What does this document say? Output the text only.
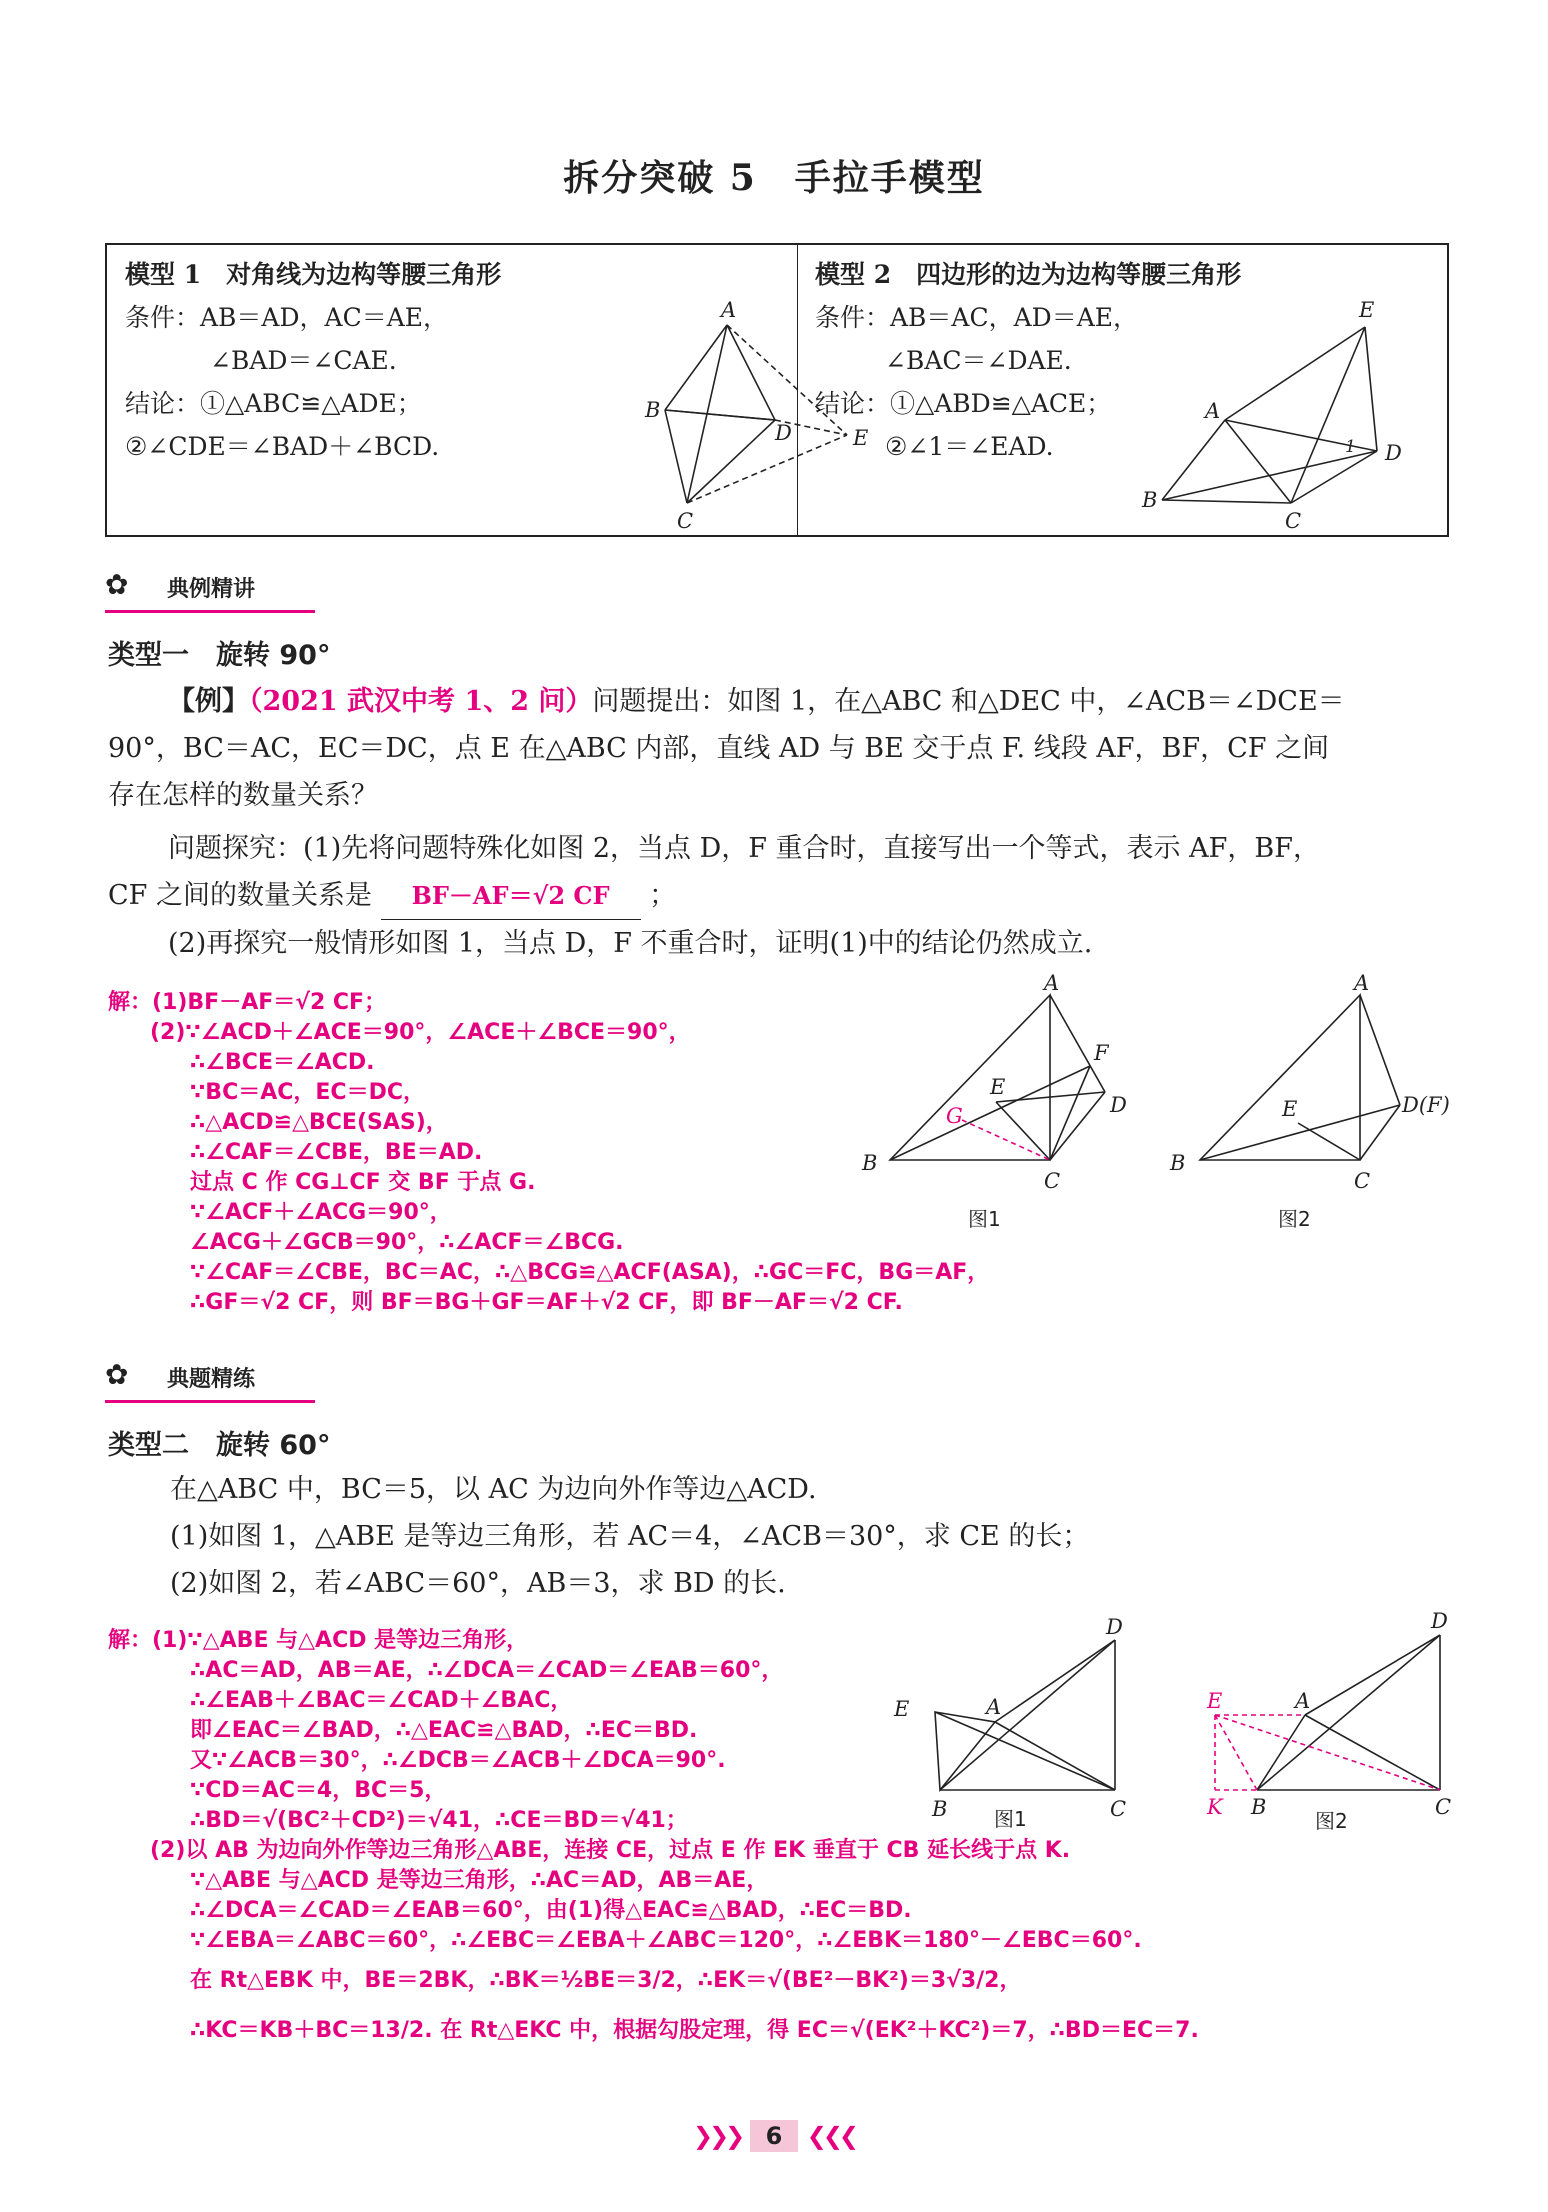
拆分突破 5　手拉手模型
模型 1　对角线为边构等腰三角形
条件：AB＝AD，AC＝AE，
∠BAD＝∠CAE.
结论：①△ABC≌△ADE；
②∠CDE＝∠BAD＋∠BCD.
A
B
D	E
C
模型 2　四边形的边为边构等腰三角形
条件：AB＝AC，AD＝AE，
∠BAC＝∠DAE.
结论：①△ABD≌△ACE；
②∠1＝∠EAD.
E
A
1 D
B
C
✿ 典例精讲
类型一　旋转 90°
【例】（2021 武汉中考 1、2 问）问题提出：如图 1，在△ABC 和△DEC 中，∠ACB＝∠DCE＝
90°，BC＝AC，EC＝DC，点 E 在△ABC 内部，直线 AD 与 BE 交于点 F. 线段 AF，BF，CF 之间
存在怎样的数量关系？
问题探究：(1)先将问题特殊化如图 2，当点 D，F 重合时，直接写出一个等式，表示 AF，BF，
CF 之间的数量关系是 BF－AF＝√2 CF ；
(2)再探究一般情形如图 1，当点 D，F 不重合时，证明(1)中的结论仍然成立.
解：(1)BF－AF＝√2 CF；
(2)∵∠ACD＋∠ACE＝90°，∠ACE＋∠BCE＝90°，
∴∠BCE＝∠ACD.
∵BC＝AC，EC＝DC，
∴△ACD≌△BCE(SAS)，
∴∠CAF＝∠CBE，BE＝AD.
过点 C 作 CG⊥CF 交 BF 于点 G.
∵∠ACF＋∠ACG＝90°，
∠ACG＋∠GCB＝90°，∴∠ACF＝∠BCG.
∵∠CAF＝∠CBE，BC＝AC，∴△BCG≌△ACF(ASA)，∴GC＝FC，BG＝AF，
∴GF＝√2 CF，则 BF＝BG＋GF＝AF＋√2 CF，即 BF－AF＝√2 CF.
A
F
E
G	D
B
C
图1
A
D(F)
E
B
C
图2
✿ 典题精练
类型二　旋转 60°
在△ABC 中，BC＝5，以 AC 为边向外作等边△ACD.
(1)如图 1，△ABE 是等边三角形，若 AC＝4，∠ACB＝30°，求 CE 的长；
(2)如图 2，若∠ABC＝60°，AB＝3，求 BD 的长.
解：(1)∵△ABE 与△ACD 是等边三角形，
∴AC＝AD，AB＝AE，∴∠DCA＝∠CAD＝∠EAB＝60°，
∴∠EAB＋∠BAC＝∠CAD＋∠BAC，
即∠EAC＝∠BAD，∴△EAC≌△BAD，∴EC＝BD.
又∵∠ACB＝30°，∴∠DCB＝∠ACB＋∠DCA＝90°.
∵CD＝AC＝4，BC＝5，
∴BD＝√(BC²＋CD²)＝√41，∴CE＝BD＝√41；
(2)以 AB 为边向外作等边三角形△ABE，连接 CE，过点 E 作 EK 垂直于 CB 延长线于点 K.
∵△ABE 与△ACD 是等边三角形，∴AC＝AD，AB＝AE，
∴∠DCA＝∠CAD＝∠EAB＝60°，由(1)得△EAC≌△BAD，∴EC＝BD.
∵∠EBA＝∠ABC＝60°，∴∠EBC＝∠EBA＋∠ABC＝120°，∴∠EBK＝180°－∠EBC＝60°.
在 Rt△EBK 中，BE＝2BK，∴BK＝½BE＝3/2，∴EK＝√(BE²－BK²)＝3√3/2，
∴KC＝KB＋BC＝13/2. 在 Rt△EKC 中，根据勾股定理，得 EC＝√(EK²＋KC²)＝7，∴BD＝EC＝7.
D
E	A
B	C
图1
D
E	A
K B	C
图2
❯❯❯ 6 ❮❮❮
